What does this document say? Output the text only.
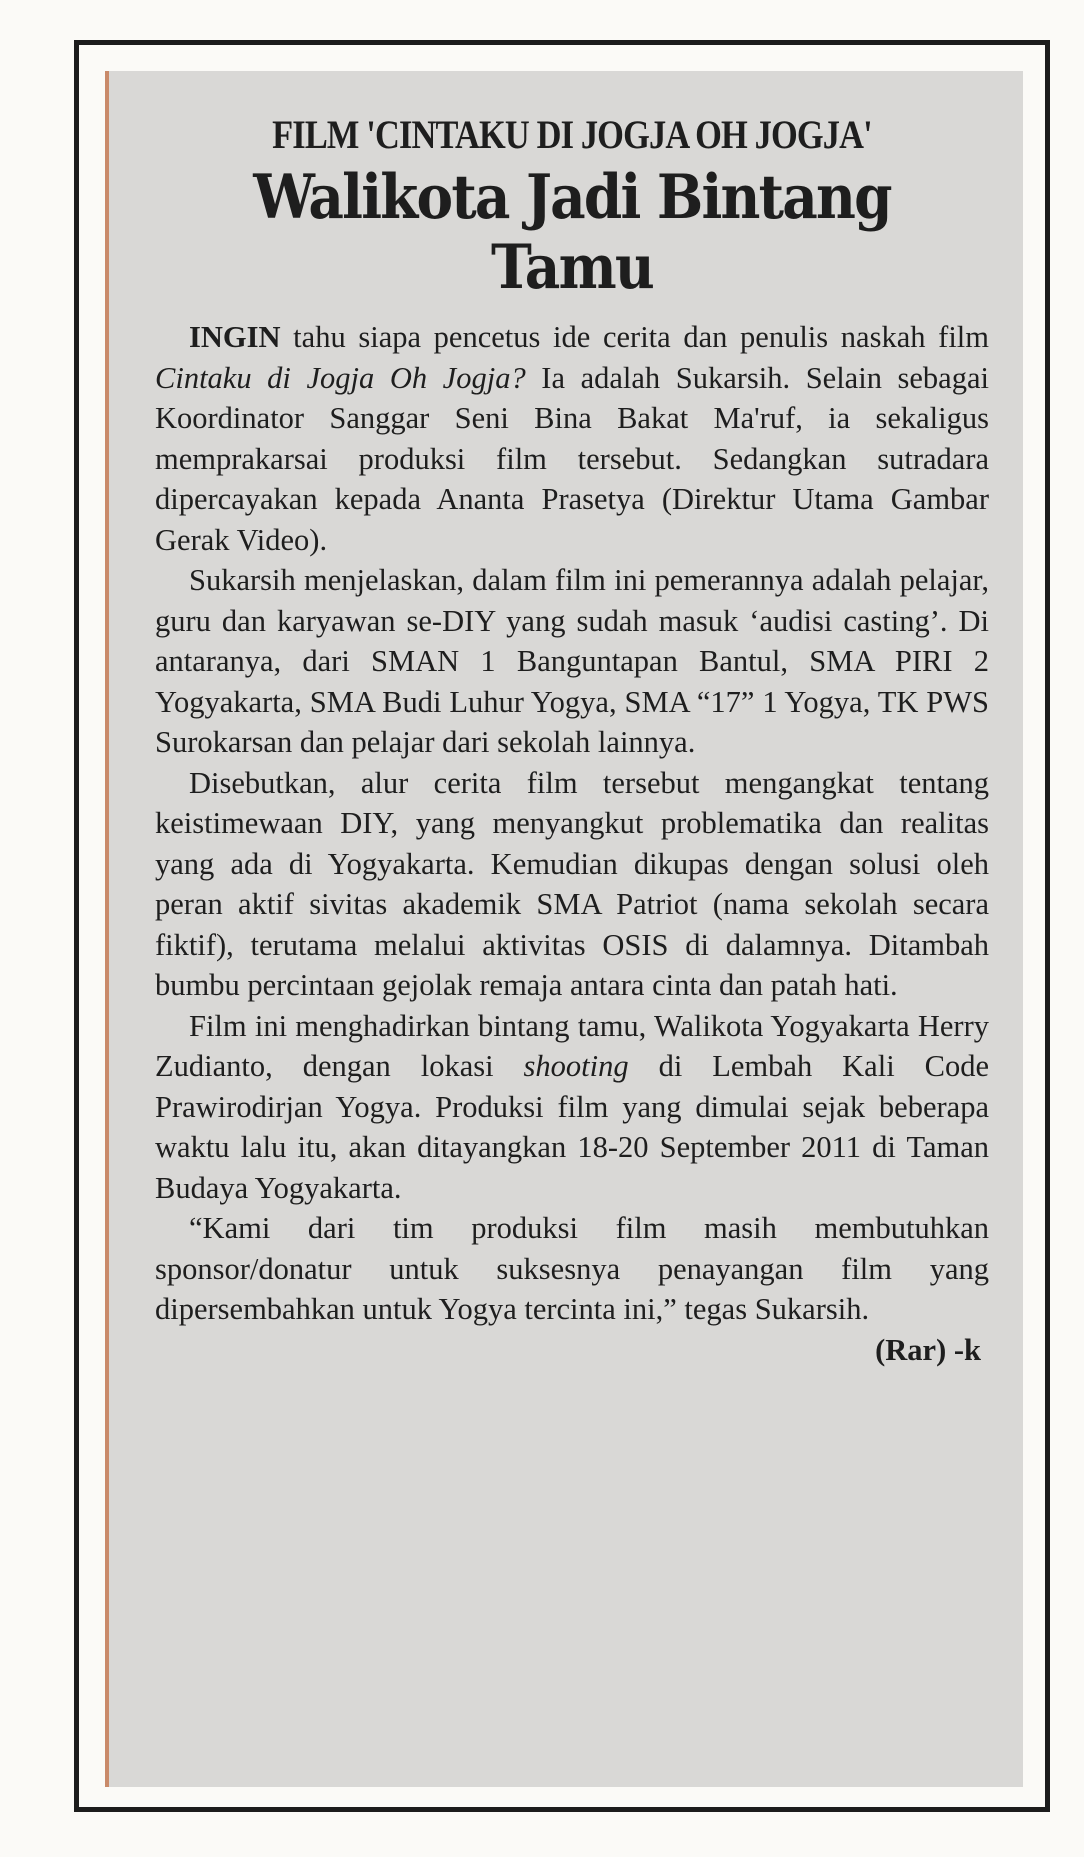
FILM 'CINTAKU DI JOGJA OH JOGJA'
Walikota Jadi Bintang Tamu

INGIN tahu siapa pencetus ide cerita dan penulis naskah film Cintaku di Jogja Oh Jogja? Ia adalah Sukarsih. Selain sebagai Koordinator Sanggar Seni Bina Bakat Ma'ruf, ia sekaligus memprakarsai produksi film tersebut. Sedangkan sutradara dipercayakan kepada Ananta Prasetya (Direktur Utama Gambar Gerak Video).

Sukarsih menjelaskan, dalam film ini pemerannya adalah pelajar, guru dan karyawan se-DIY yang sudah masuk ‘audisi casting’. Di antaranya, dari SMAN 1 Banguntapan Bantul, SMA PIRI 2 Yogyakarta, SMA Budi Luhur Yogya, SMA “17” 1 Yogya, TK PWS Surokarsan dan pelajar dari sekolah lainnya.

Disebutkan, alur cerita film tersebut mengangkat tentang keistimewaan DIY, yang menyangkut problematika dan realitas yang ada di Yogyakarta. Kemudian dikupas dengan solusi oleh peran aktif sivitas akademik SMA Patriot (nama sekolah secara fiktif), terutama melalui aktivitas OSIS di dalamnya. Ditambah bumbu percintaan gejolak remaja antara cinta dan patah hati.

Film ini menghadirkan bintang tamu, Walikota Yogyakarta Herry Zudianto, dengan lokasi shooting di Lembah Kali Code Prawirodirjan Yogya. Produksi film yang dimulai sejak beberapa waktu lalu itu, akan ditayangkan 18-20 September 2011 di Taman Budaya Yogyakarta.

“Kami dari tim produksi film masih membutuhkan sponsor/donatur untuk suksesnya penayangan film yang dipersembahkan untuk Yogya tercinta ini,” tegas Sukarsih.
(Rar) -k
